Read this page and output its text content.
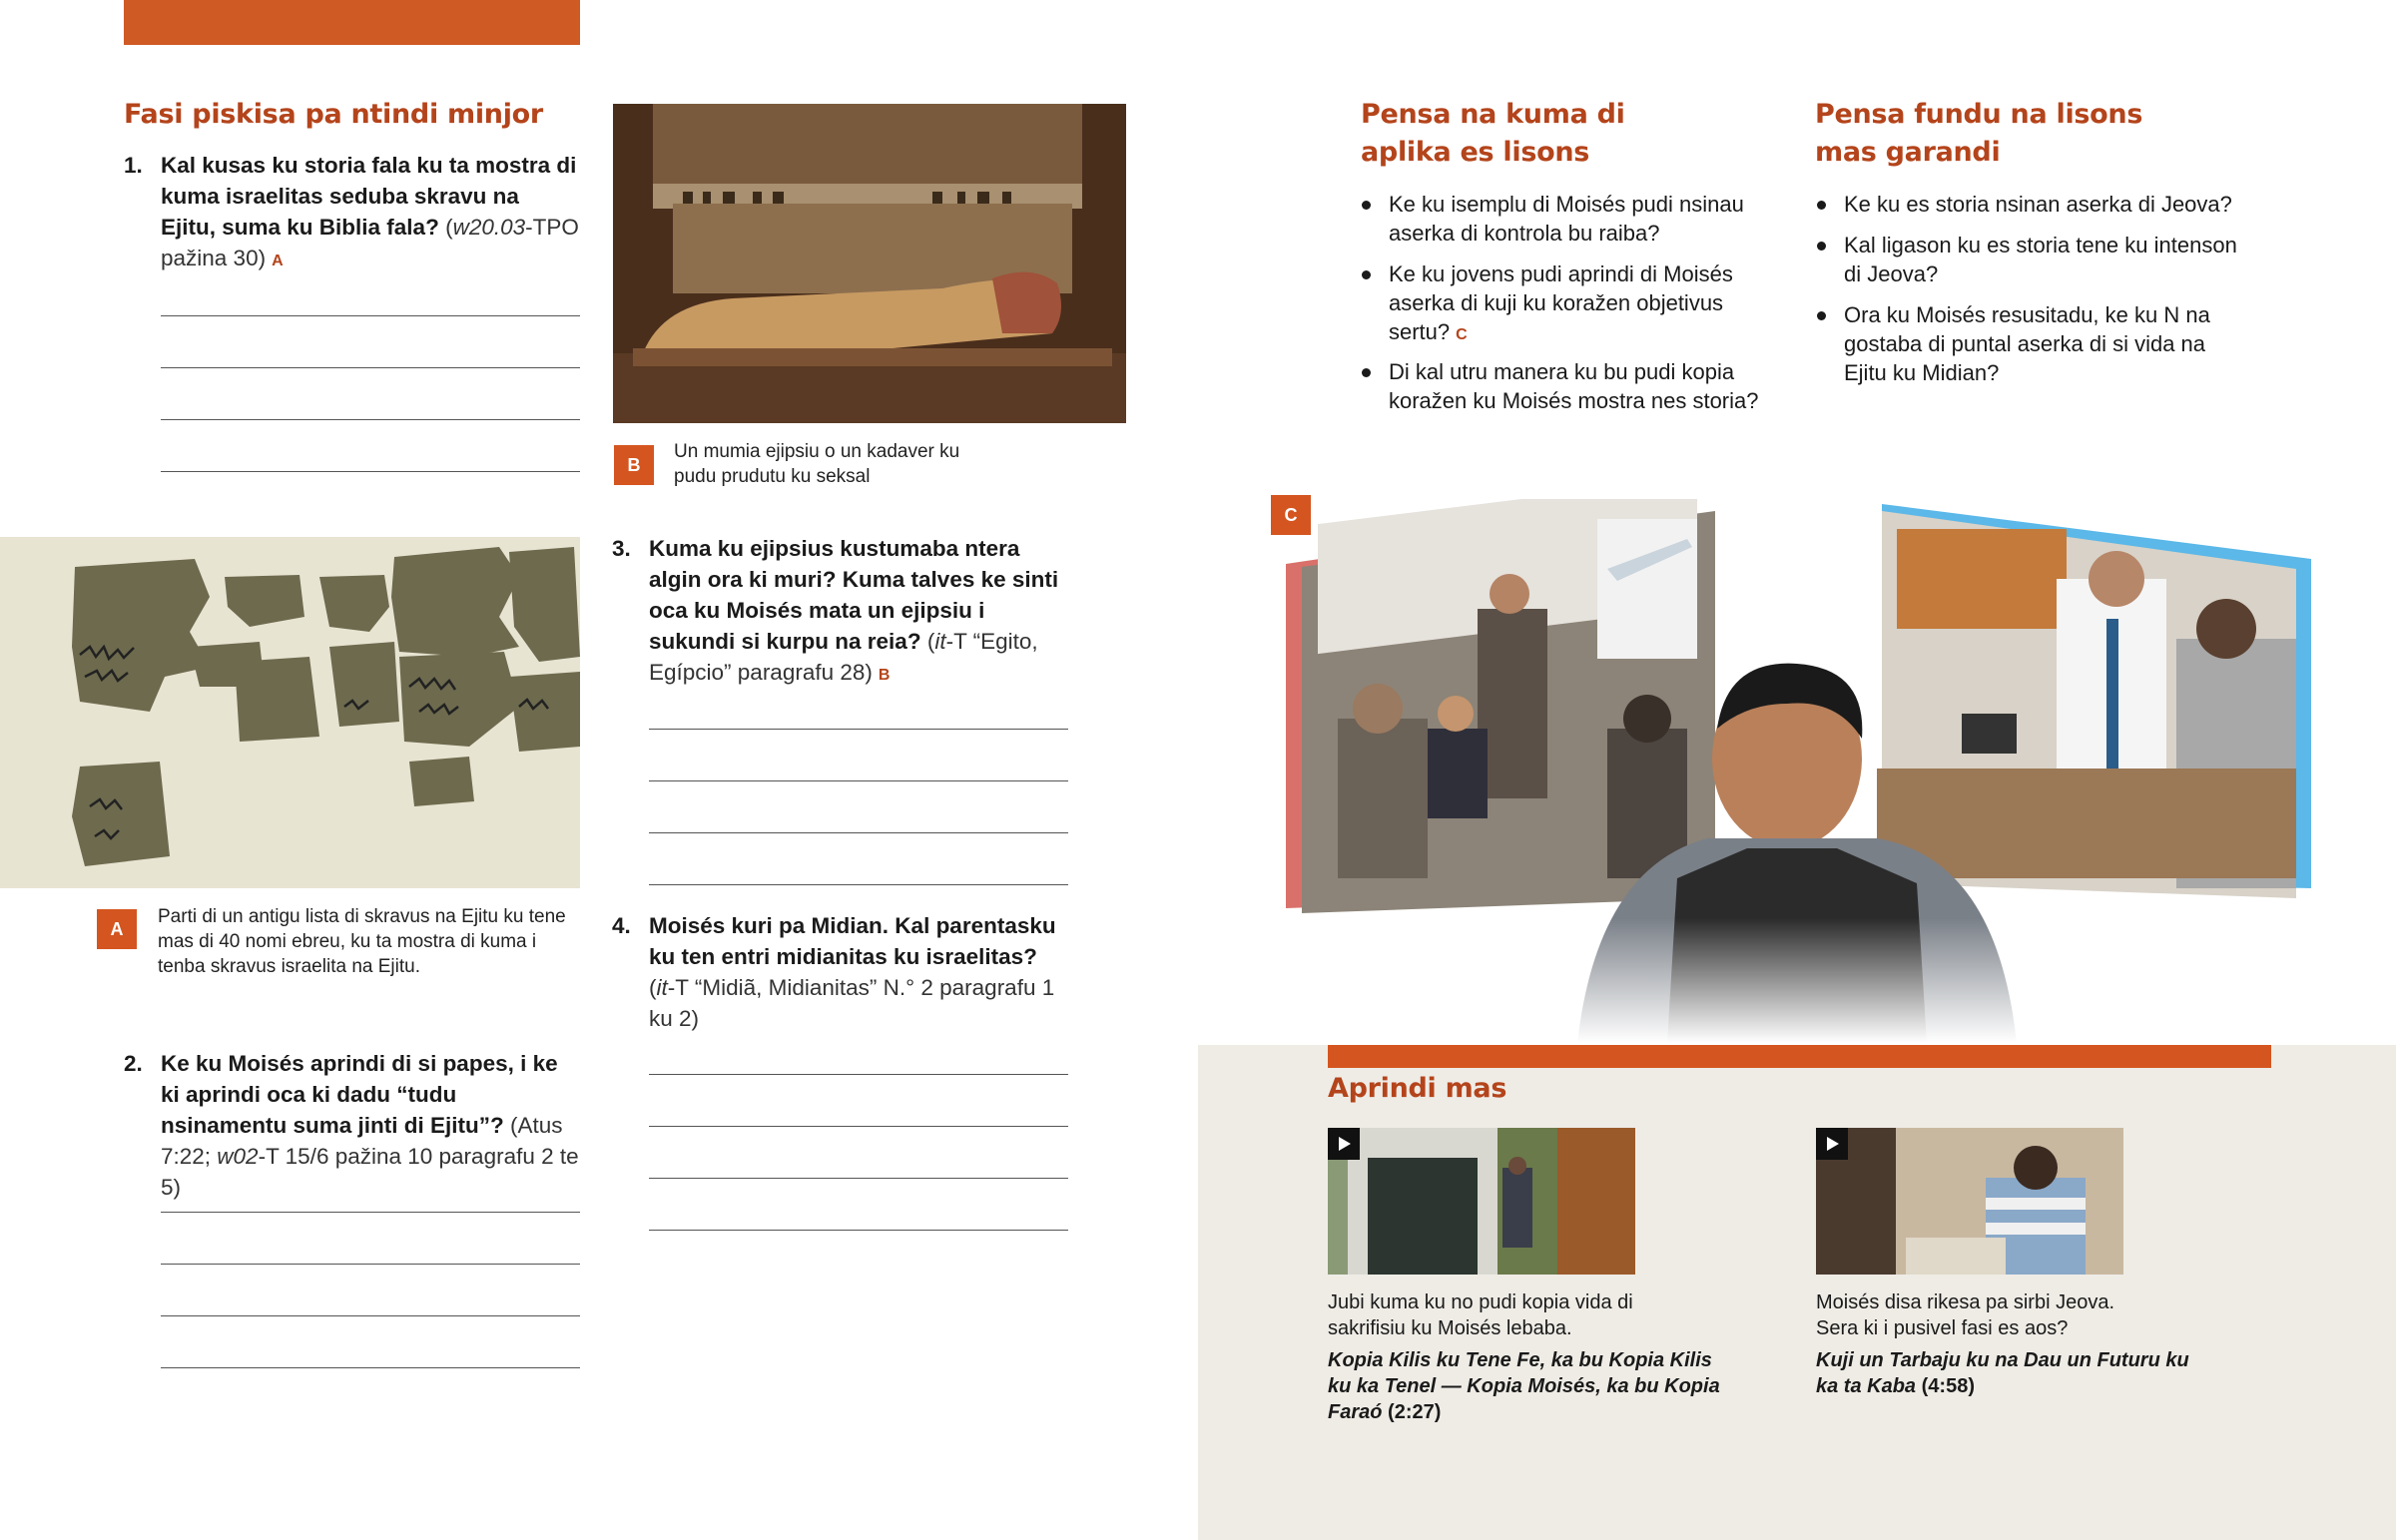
Fasi piskisa pa ntindi minjor
1. Kal kusas ku storia fala ku ta mostra di kuma israelitas seduba skravu na Ejitu, suma ku Biblia fala? (w20.03-TPO pažina 30) A
A
Parti di un antigu lista di skravus na Ejitu ku tene mas di 40 nomi ebreu, ku ta mostra di kuma i tenba skravus israelita na Ejitu.
2. Ke ku Moisés aprindi di si papes, i ke ki aprindi oca ki dadu “tudu nsinamentu suma jinti di Ejitu”? (Atus 7:22; w02-T 15/6 pažina 10 paragrafu 2 te 5)
B
Un mumia ejipsiu o un kadaver ku pudu prudutu ku seksal
3. Kuma ku ejipsius kustumaba ntera algin ora ki muri? Kuma talves ke sinti oca ku Moisés mata un ejipsiu i sukundi si kurpu na reia? (it-T “Egito, Egípcio” paragrafu 28) B
4. Moisés kuri pa Midian. Kal parentasku ku ten entri midianitas ku israelitas? (it-T “Midiã, Midianitas” N.° 2 paragrafu 1 ku 2)
Pensa na kuma di aplika es lisons
Ke ku isemplu di Moisés pudi nsinau aserka di kontrola bu raiba?
Ke ku jovens pudi aprindi di Moisés aserka di kuji ku koražen objetivus sertu? C
Di kal utru manera ku bu pudi kopia koražen ku Moisés mostra nes storia?
Pensa fundu na lisons mas garandi
Ke ku es storia nsinan aserka di Jeova?
Kal ligason ku es storia tene ku intenson di Jeova?
Ora ku Moisés resusitadu, ke ku N na gostaba di puntal aserka di si vida na Ejitu ku Midian?
C
Aprindi mas
Jubi kuma ku no pudi kopia vida di sakrifisiu ku Moisés lebaba.
Kopia Kilis ku Tene Fe, ka bu Kopia Kilis ku ka Tenel — Kopia Moisés, ka bu Kopia Faraó (2:27)
Moisés disa rikesa pa sirbi Jeova. Sera ki i pusivel fasi es aos?
Kuji un Tarbaju ku na Dau un Futuru ku ka ta Kaba (4:58)
